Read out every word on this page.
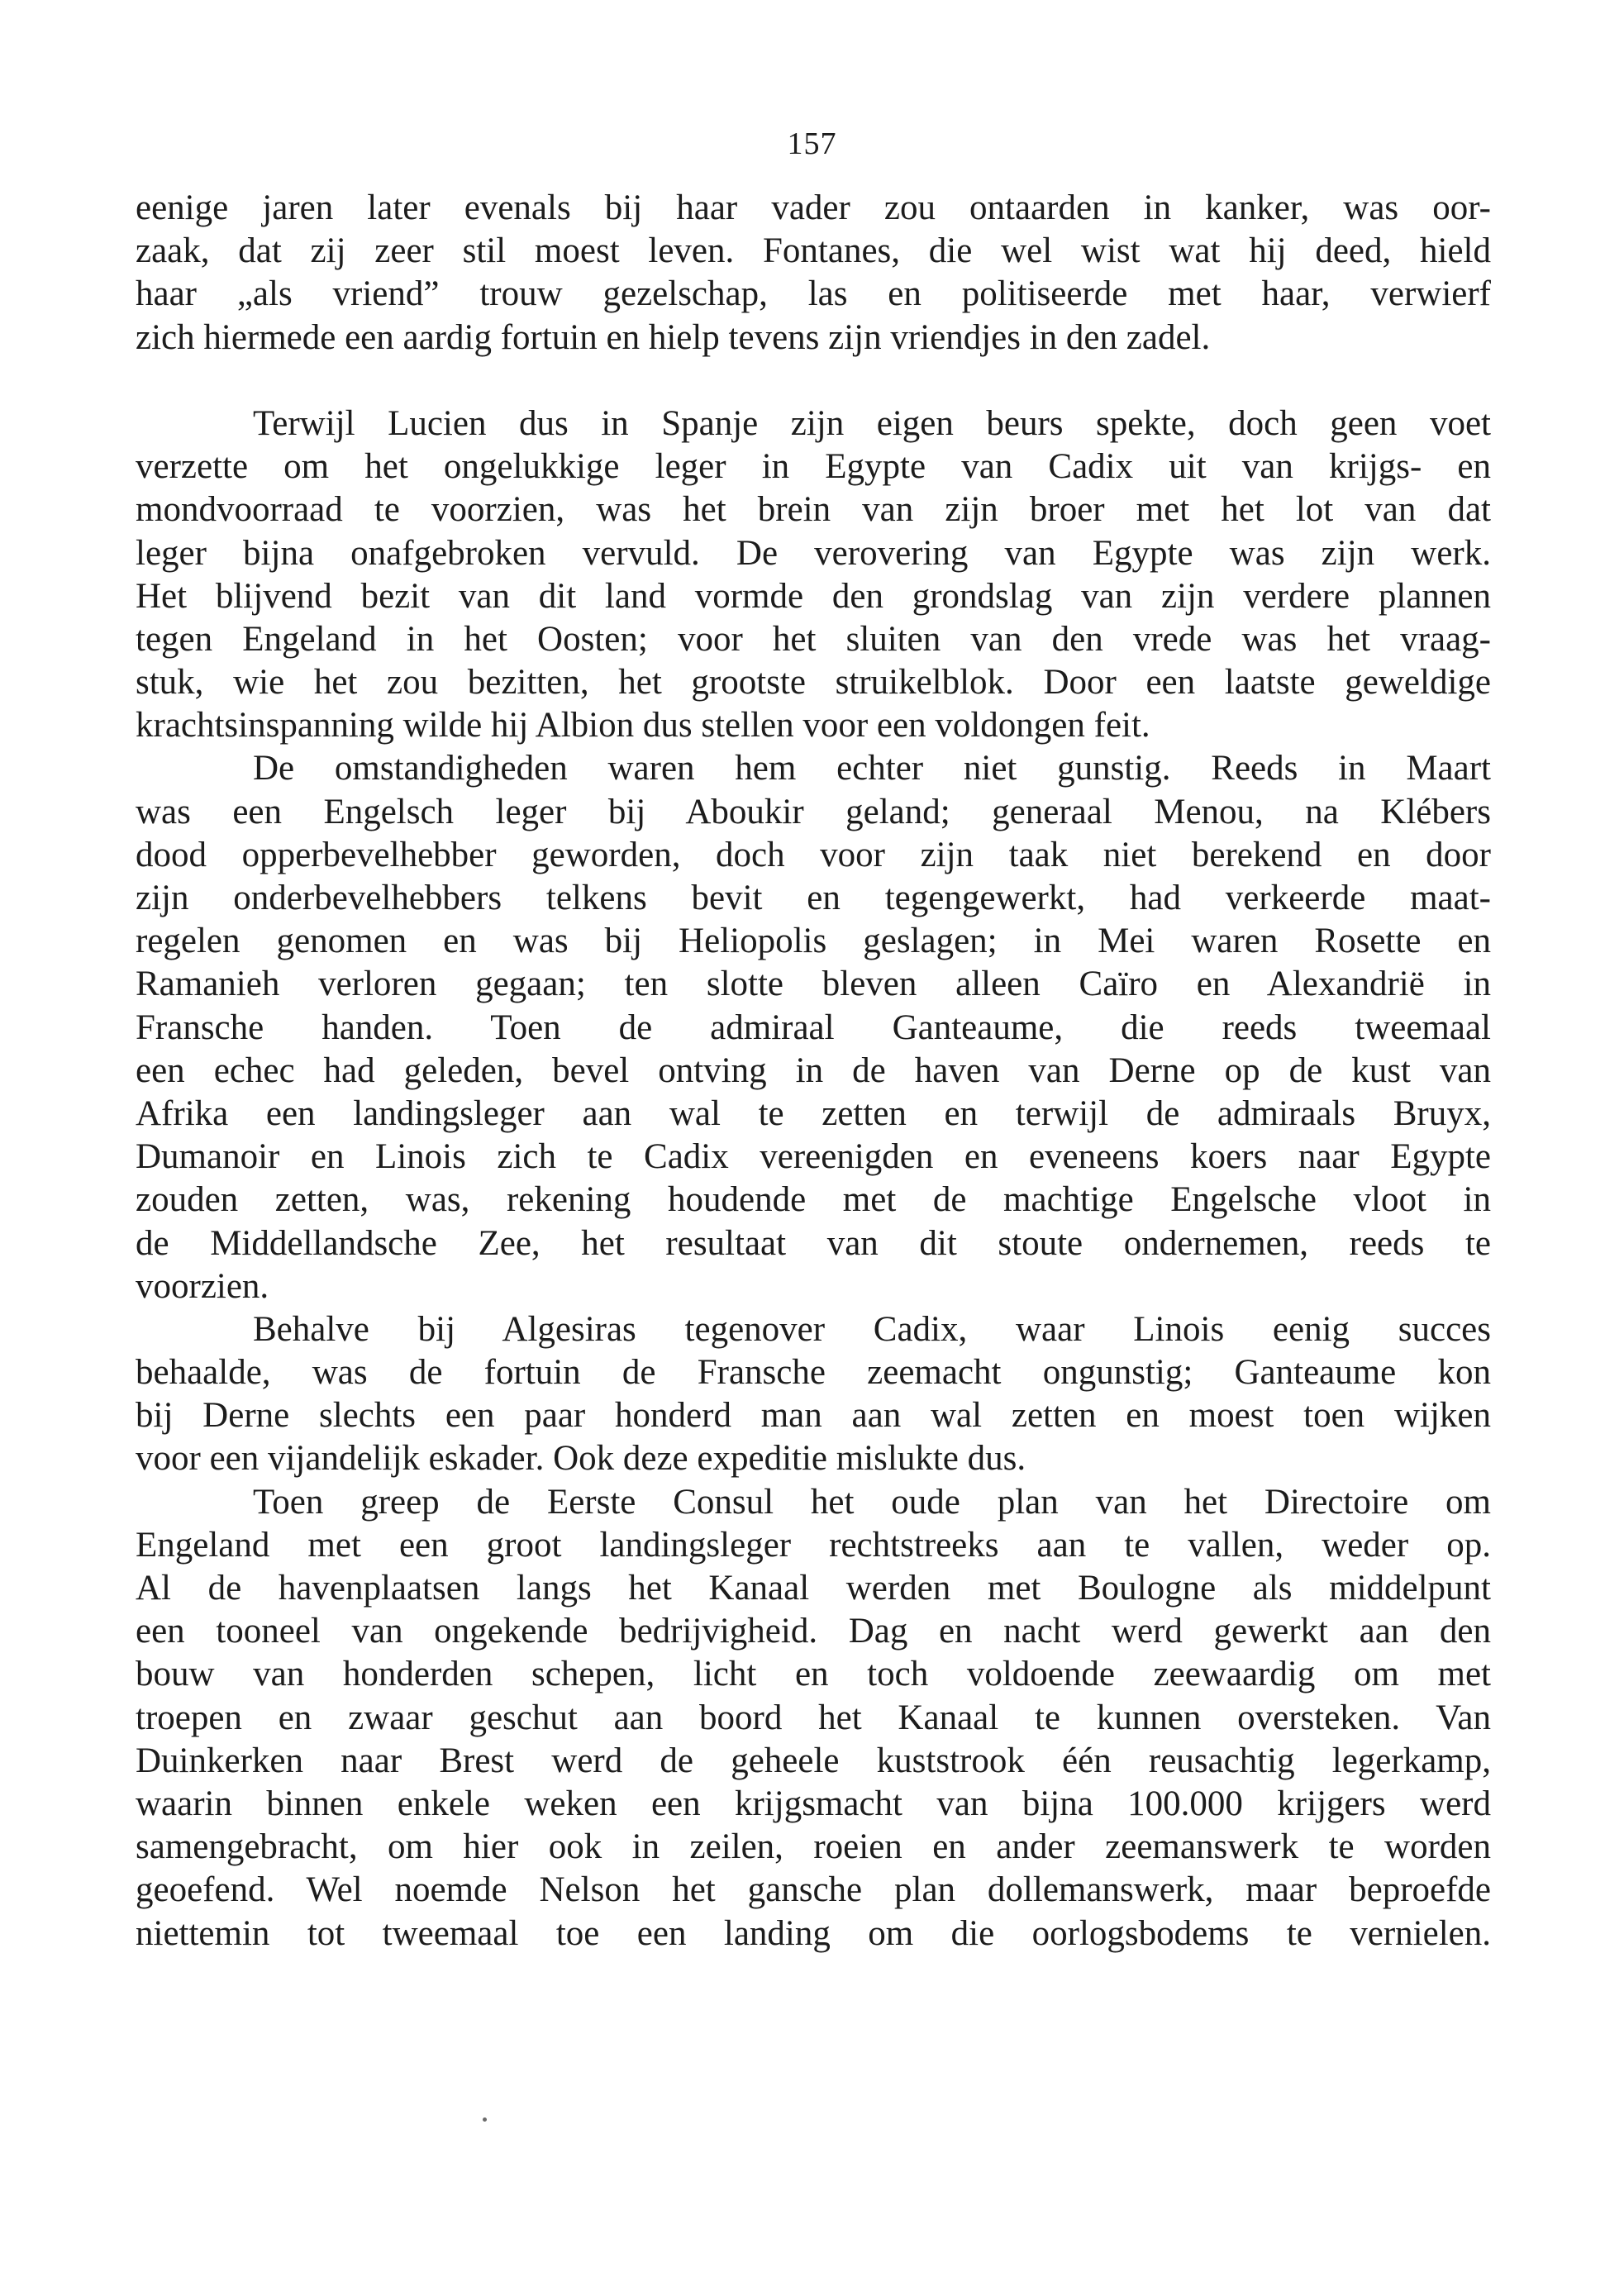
157
eenige jaren later evenals bij haar vader zou ontaarden in kanker, was oor-
zaak, dat zij zeer stil moest leven. Fontanes, die wel wist wat hij deed, hield
haar „als vriend” trouw gezelschap, las en politiseerde met haar, verwierf
zich hiermede een aardig fortuin en hielp tevens zijn vriendjes in den zadel.
Terwijl Lucien dus in Spanje zijn eigen beurs spekte, doch geen voet
verzette om het ongelukkige leger in Egypte van Cadix uit van krijgs- en
mondvoorraad te voorzien, was het brein van zijn broer met het lot van dat
leger bijna onafgebroken vervuld. De verovering van Egypte was zijn werk.
Het blijvend bezit van dit land vormde den grondslag van zijn verdere plannen
tegen Engeland in het Oosten; voor het sluiten van den vrede was het vraag-
stuk, wie het zou bezitten, het grootste struikelblok. Door een laatste geweldige
krachtsinspanning wilde hij Albion dus stellen voor een voldongen feit.
De omstandigheden waren hem echter niet gunstig. Reeds in Maart
was een Engelsch leger bij Aboukir geland; generaal Menou, na Klébers
dood opperbevelhebber geworden, doch voor zijn taak niet berekend en door
zijn onderbevelhebbers telkens bevit en tegengewerkt, had verkeerde maat-
regelen genomen en was bij Heliopolis geslagen; in Mei waren Rosette en
Ramanieh verloren gegaan; ten slotte bleven alleen Caïro en Alexandrië in
Fransche handen. Toen de admiraal Ganteaume, die reeds tweemaal
een echec had geleden, bevel ontving in de haven van Derne op de kust van
Afrika een landingsleger aan wal te zetten en terwijl de admiraals Bruyx,
Dumanoir en Linois zich te Cadix vereenigden en eveneens koers naar Egypte
zouden zetten, was, rekening houdende met de machtige Engelsche vloot in
de Middellandsche Zee, het resultaat van dit stoute ondernemen, reeds te
voorzien.
Behalve bij Algesiras tegenover Cadix, waar Linois eenig succes
behaalde, was de fortuin de Fransche zeemacht ongunstig; Ganteaume kon
bij Derne slechts een paar honderd man aan wal zetten en moest toen wijken
voor een vijandelijk eskader. Ook deze expeditie mislukte dus.
Toen greep de Eerste Consul het oude plan van het Directoire om
Engeland met een groot landingsleger rechtstreeks aan te vallen, weder op.
Al de havenplaatsen langs het Kanaal werden met Boulogne als middelpunt
een tooneel van ongekende bedrijvigheid. Dag en nacht werd gewerkt aan den
bouw van honderden schepen, licht en toch voldoende zeewaardig om met
troepen en zwaar geschut aan boord het Kanaal te kunnen oversteken. Van
Duinkerken naar Brest werd de geheele kuststrook één reusachtig legerkamp,
waarin binnen enkele weken een krijgsmacht van bijna 100.000 krijgers werd
samengebracht, om hier ook in zeilen, roeien en ander zeemanswerk te worden
geoefend. Wel noemde Nelson het gansche plan dollemanswerk, maar beproefde
niettemin tot tweemaal toe een landing om die oorlogsbodems te vernielen.
